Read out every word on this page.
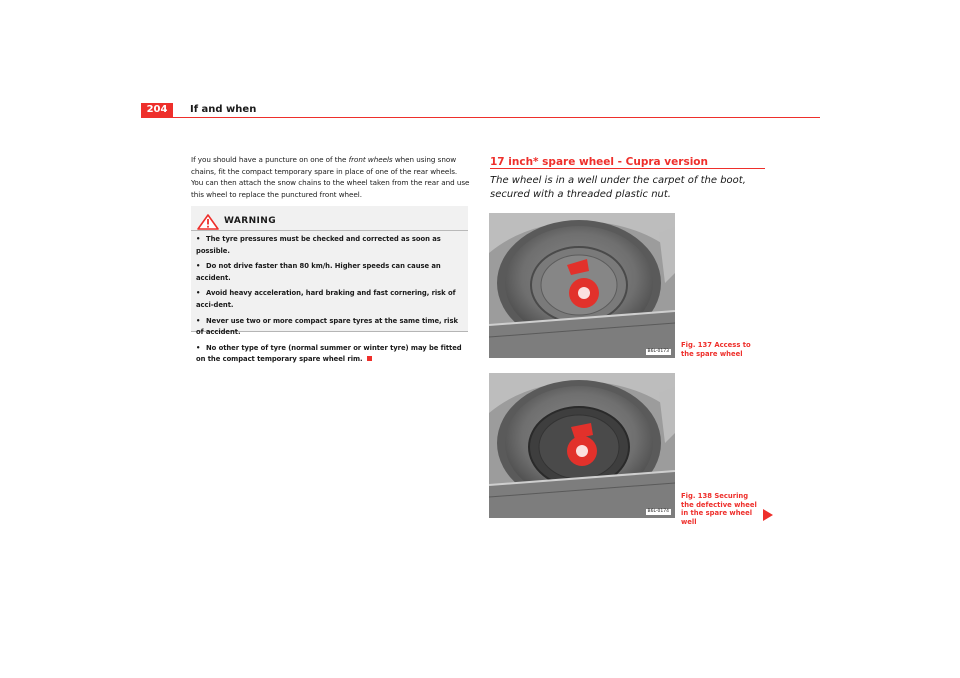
204	If and when

If you should have a puncture on one of the front wheels when using snow chains, fit the compact temporary spare in place of one of the rear wheels. You can then attach the snow chains to the wheel taken from the rear and use this wheel to replace the punctured front wheel.

WARNING
• The tyre pressures must be checked and corrected as soon as possible.
• Do not drive faster than 80 km/h. Higher speeds can cause an accident.
• Avoid heavy acceleration, hard braking and fast cornering, risk of acci-dent.
• Never use two or more compact spare tyres at the same time, risk of accident.
• No other type of tyre (normal summer or winter tyre) may be fitted on the compact temporary spare wheel rim.
17 inch* spare wheel - Cupra version
The wheel is in a well under the carpet of the boot, secured with a threaded plastic nut.
B6L-0173
Fig. 137 Access to the spare wheel
B6L-0174
Fig. 138 Securing the defective wheel in the spare wheel well
